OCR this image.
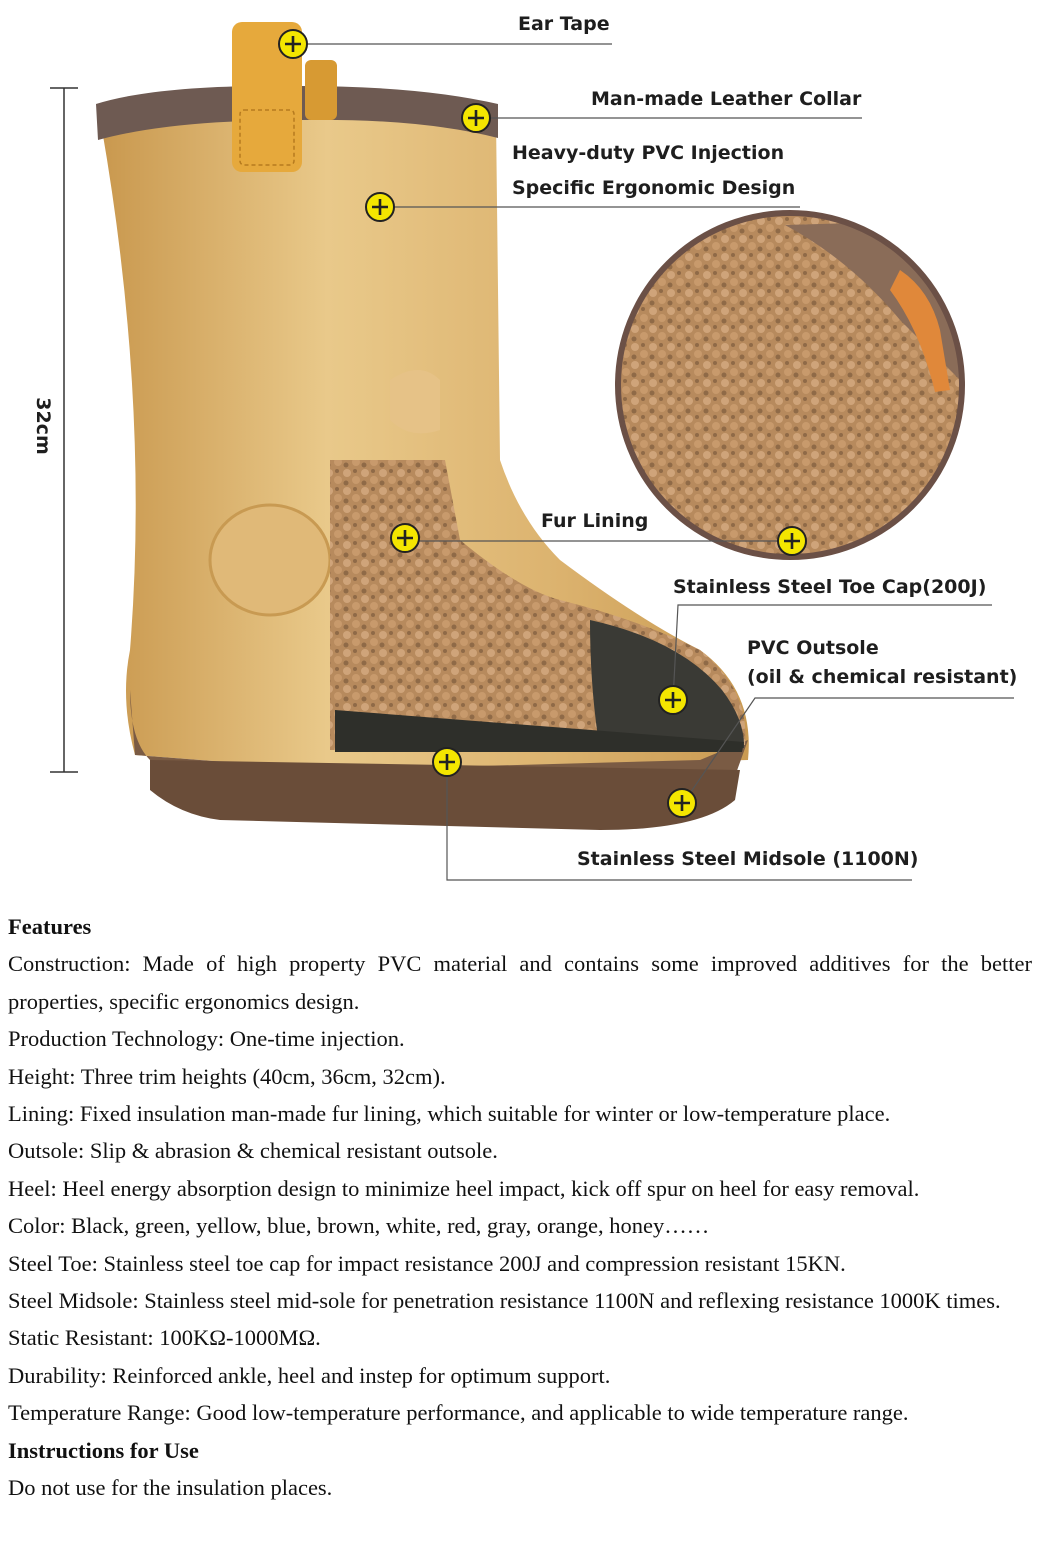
32cm
Ear Tape
Man-made Leather Collar
Heavy-duty PVC Injection
Specific Ergonomic Design
Fur Lining
Stainless Steel Toe Cap(200J)
PVC Outsole
(oil & chemical resistant)
Stainless Steel Midsole (1100N)

Features

Construction: Made of high property PVC material and contains some improved additives for the better properties, specific ergonomics design.

Production Technology: One-time injection.

Height: Three trim heights (40cm, 36cm, 32cm).

Lining: Fixed insulation man-made fur lining, which suitable for winter or low-temperature place.

Outsole: Slip & abrasion & chemical resistant outsole.

Heel: Heel energy absorption design to minimize heel impact, kick off spur on heel for easy removal.

Color: Black, green, yellow, blue, brown, white, red, gray, orange, honey……

Steel Toe: Stainless steel toe cap for impact resistance 200J and compression resistant 15KN.

Steel Midsole: Stainless steel mid-sole for penetration resistance 1100N and reflexing resistance 1000K times.

Static Resistant: 100KΩ-1000MΩ.

Durability: Reinforced ankle, heel and instep for optimum support.

Temperature Range: Good low-temperature performance, and applicable to wide temperature range.

Instructions for Use

Do not use for the insulation places.
